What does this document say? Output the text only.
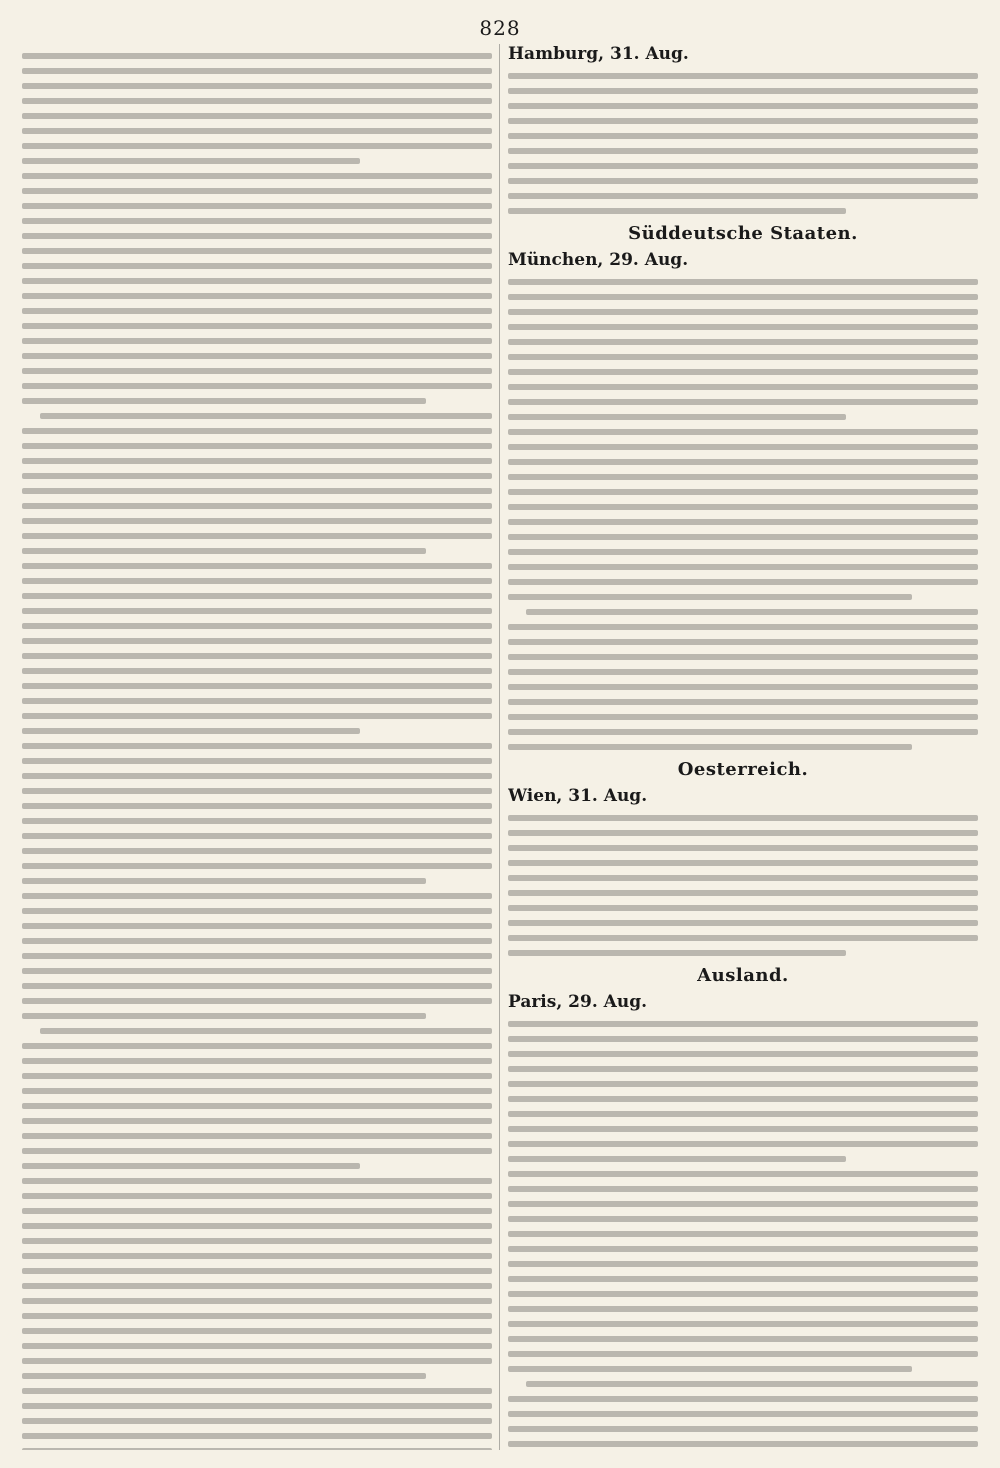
828
Hamburg, 31. Aug.
Süddeutsche Staaten.
München, 29. Aug.
Oesterreich.
Wien, 31. Aug.
Ausland.
Paris, 29. Aug.
